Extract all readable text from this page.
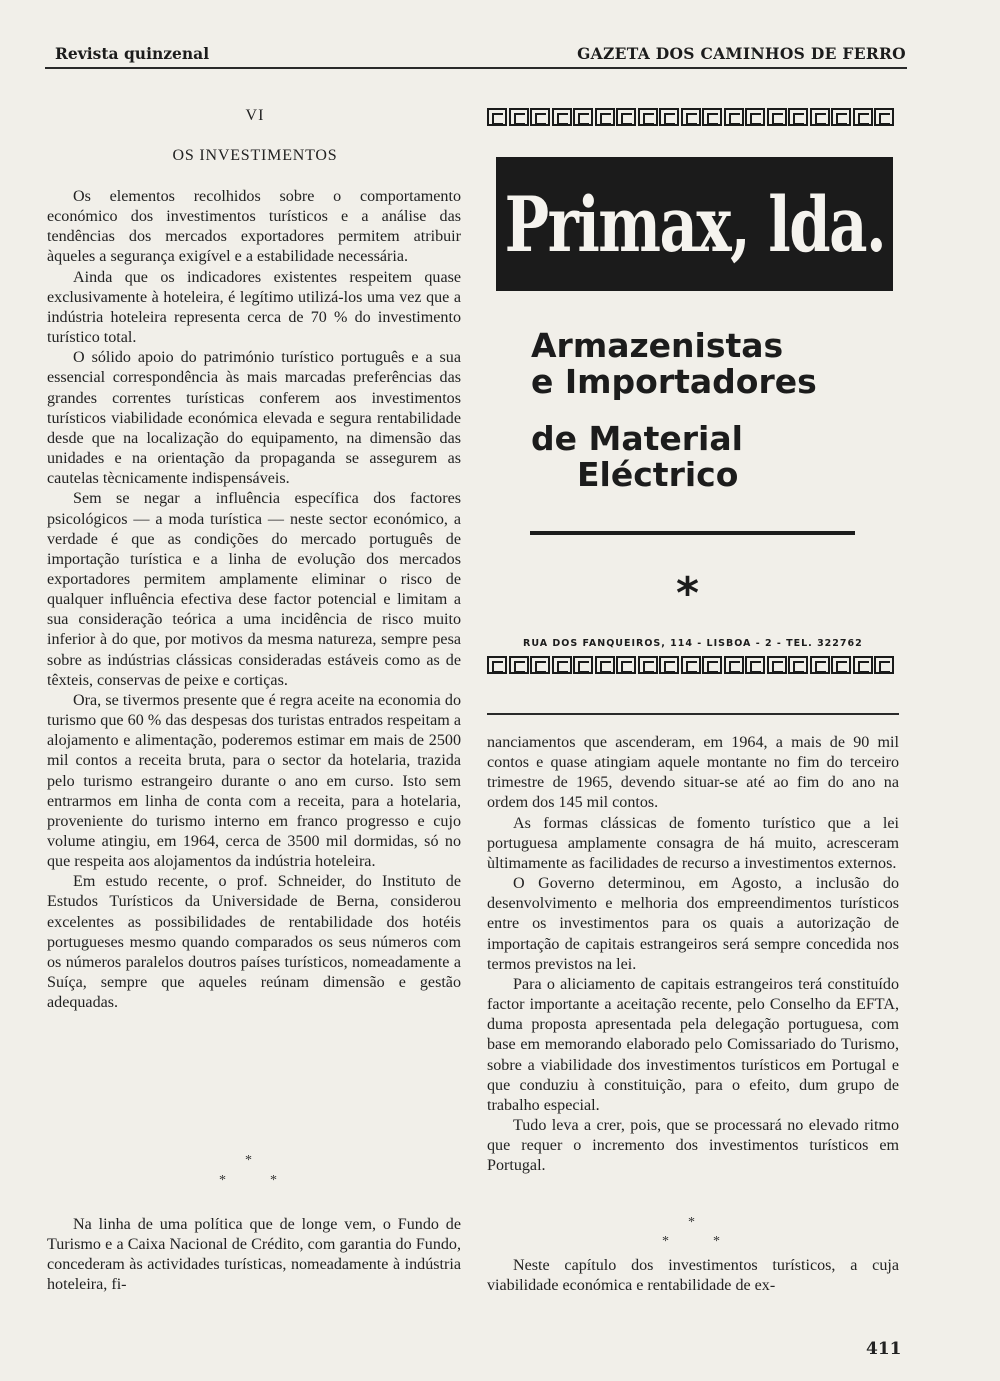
Revista quinzenal	GAZETA DOS CAMINHOS DE FERRO
VI
OS INVESTIMENTOS

Os elementos recolhidos sobre o comportamento económico dos investimentos turísticos e a análise das tendências dos mercados exportadores permitem atribuir àqueles a segurança exigível e a estabilidade necessária.

Ainda que os indicadores existentes respeitem quase exclusivamente à hoteleira, é legítimo utilizá-los uma vez que a indústria hoteleira representa cerca de 70 % do investimento turístico total.

O sólido apoio do património turístico português e a sua essencial correspondência às mais marcadas preferências das grandes correntes turísticas conferem aos investimentos turísticos viabilidade económica elevada e segura rentabilidade desde que na localização do equipamento, na dimensão das unidades e na orientação da propaganda se assegurem as cautelas tècnicamente indispensáveis.

Sem se negar a influência específica dos factores psicológicos — a moda turística — neste sector económico, a verdade é que as condições do mercado português de importação turística e a linha de evolução dos mercados exportadores permitem amplamente eliminar o risco de qualquer influência efectiva dese factor potencial e limitam a sua consideração teórica a uma incidência de risco muito inferior à do que, por motivos da mesma natureza, sempre pesa sobre as indústrias clássicas consideradas estáveis como as de têxteis, conservas de peixe e cortiças.

Ora, se tivermos presente que é regra aceite na economia do turismo que 60 % das despesas dos turistas entrados respeitam a alojamento e alimentação, poderemos estimar em mais de 2500 mil contos a receita bruta, para o sector da hotelaria, trazida pelo turismo estrangeiro durante o ano em curso. Isto sem entrarmos em linha de conta com a receita, para a hotelaria, proveniente do turismo interno em franco progresso e cujo volume atingiu, em 1964, cerca de 3500 mil dormidas, só no que respeita aos alojamentos da indústria hoteleira.

Em estudo recente, o prof. Schneider, do Instituto de Estudos Turísticos da Universidade de Berna, considerou excelentes as possibilidades de rentabilidade dos hotéis portugueses mesmo quando comparados os seus números com os números paralelos doutros países turísticos, nomeadamente a Suíça, sempre que aqueles reúnam dimensão e gestão adequadas.

*
*	*

Na linha de uma política que de longe vem, o Fundo de Turismo e a Caixa Nacional de Crédito, com garantia do Fundo, concederam às actividades turísticas, nomeadamente à indústria hoteleira, fi-

Primax, lda.
Armazenistas
e Importadores
de Material
Eléctrico
*
RUA DOS FANQUEIROS, 114 - LISBOA - 2 - TEL. 322762

nanciamentos que ascenderam, em 1964, a mais de 90 mil contos e quase atingiam aquele montante no fim do terceiro trimestre de 1965, devendo situar-se até ao fim do ano na ordem dos 145 mil contos.

As formas clássicas de fomento turístico que a lei portuguesa amplamente consagra de há muito, acresceram ùltimamente as facilidades de recurso a investimentos externos.

O Governo determinou, em Agosto, a inclusão do desenvolvimento e melhoria dos empreendimentos turísticos entre os investimentos para os quais a autorização de importação de capitais estrangeiros será sempre concedida nos termos previstos na lei.

Para o aliciamento de capitais estrangeiros terá constituído factor importante a aceitação recente, pelo Conselho da EFTA, duma proposta apresentada pela delegação portuguesa, com base em memorando elaborado pelo Comissariado do Turismo, sobre a viabilidade dos investimentos turísticos em Portugal e que conduziu à constituição, para o efeito, dum grupo de trabalho especial.

Tudo leva a crer, pois, que se processará no elevado ritmo que requer o incremento dos investimentos turísticos em Portugal.

*
*	*

Neste capítulo dos investimentos turísticos, a cuja viabilidade económica e rentabilidade de ex-

411
